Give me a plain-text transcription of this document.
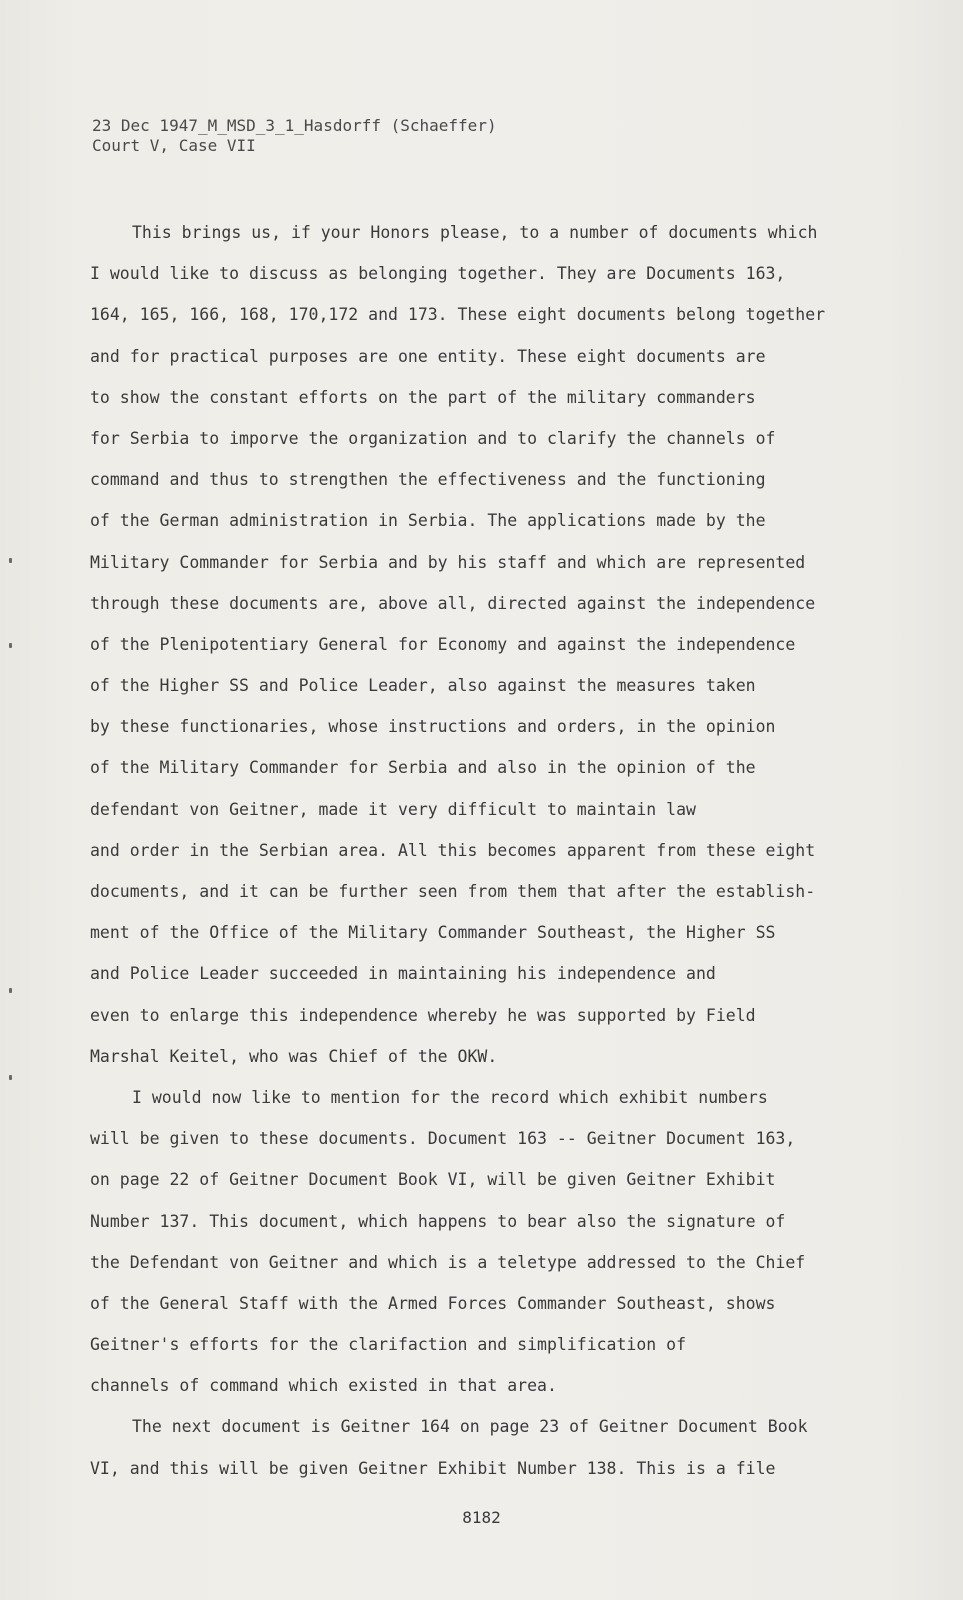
23 Dec 1947_M_MSD_3_1_Hasdorff (Schaeffer)
Court V, Case VII
This brings us, if your Honors please, to a number of documents which
I would like to discuss as belonging together. They are Documents 163,
164, 165, 166, 168, 170,172 and 173. These eight documents belong together
and for practical purposes are one entity. These eight documents are
to show the constant efforts on the part of the military commanders
for Serbia to imporve the organization and to clarify the channels of
command and thus to strengthen the effectiveness and the functioning
of the German administration in Serbia. The applications made by the
Military Commander for Serbia and by his staff and which are represented
through these documents are, above all, directed against the independence
of the Plenipotentiary General for Economy and against the independence
of the Higher SS and Police Leader, also against the measures taken
by these functionaries, whose instructions and orders, in the opinion
of the Military Commander for Serbia and also in the opinion of the
defendant von Geitner, made it very difficult to maintain law
and order in the Serbian area. All this becomes apparent from these eight
documents, and it can be further seen from them that after the establish-
ment of the Office of the Military Commander Southeast, the Higher SS
and Police Leader succeeded in maintaining his independence and
even to enlarge this independence whereby he was supported by Field
Marshal Keitel, who was Chief of the OKW.
I would now like to mention for the record which exhibit numbers
will be given to these documents. Document 163 -- Geitner Document 163,
on page 22 of Geitner Document Book VI, will be given Geitner Exhibit
Number 137. This document, which happens to bear also the signature of
the Defendant von Geitner and which is a teletype addressed to the Chief
of the General Staff with the Armed Forces Commander Southeast, shows
Geitner's efforts for the clarifaction and simplification of
channels of command which existed in that area.
The next document is Geitner 164 on page 23 of Geitner Document Book
VI, and this will be given Geitner Exhibit Number 138. This is a file
8182
